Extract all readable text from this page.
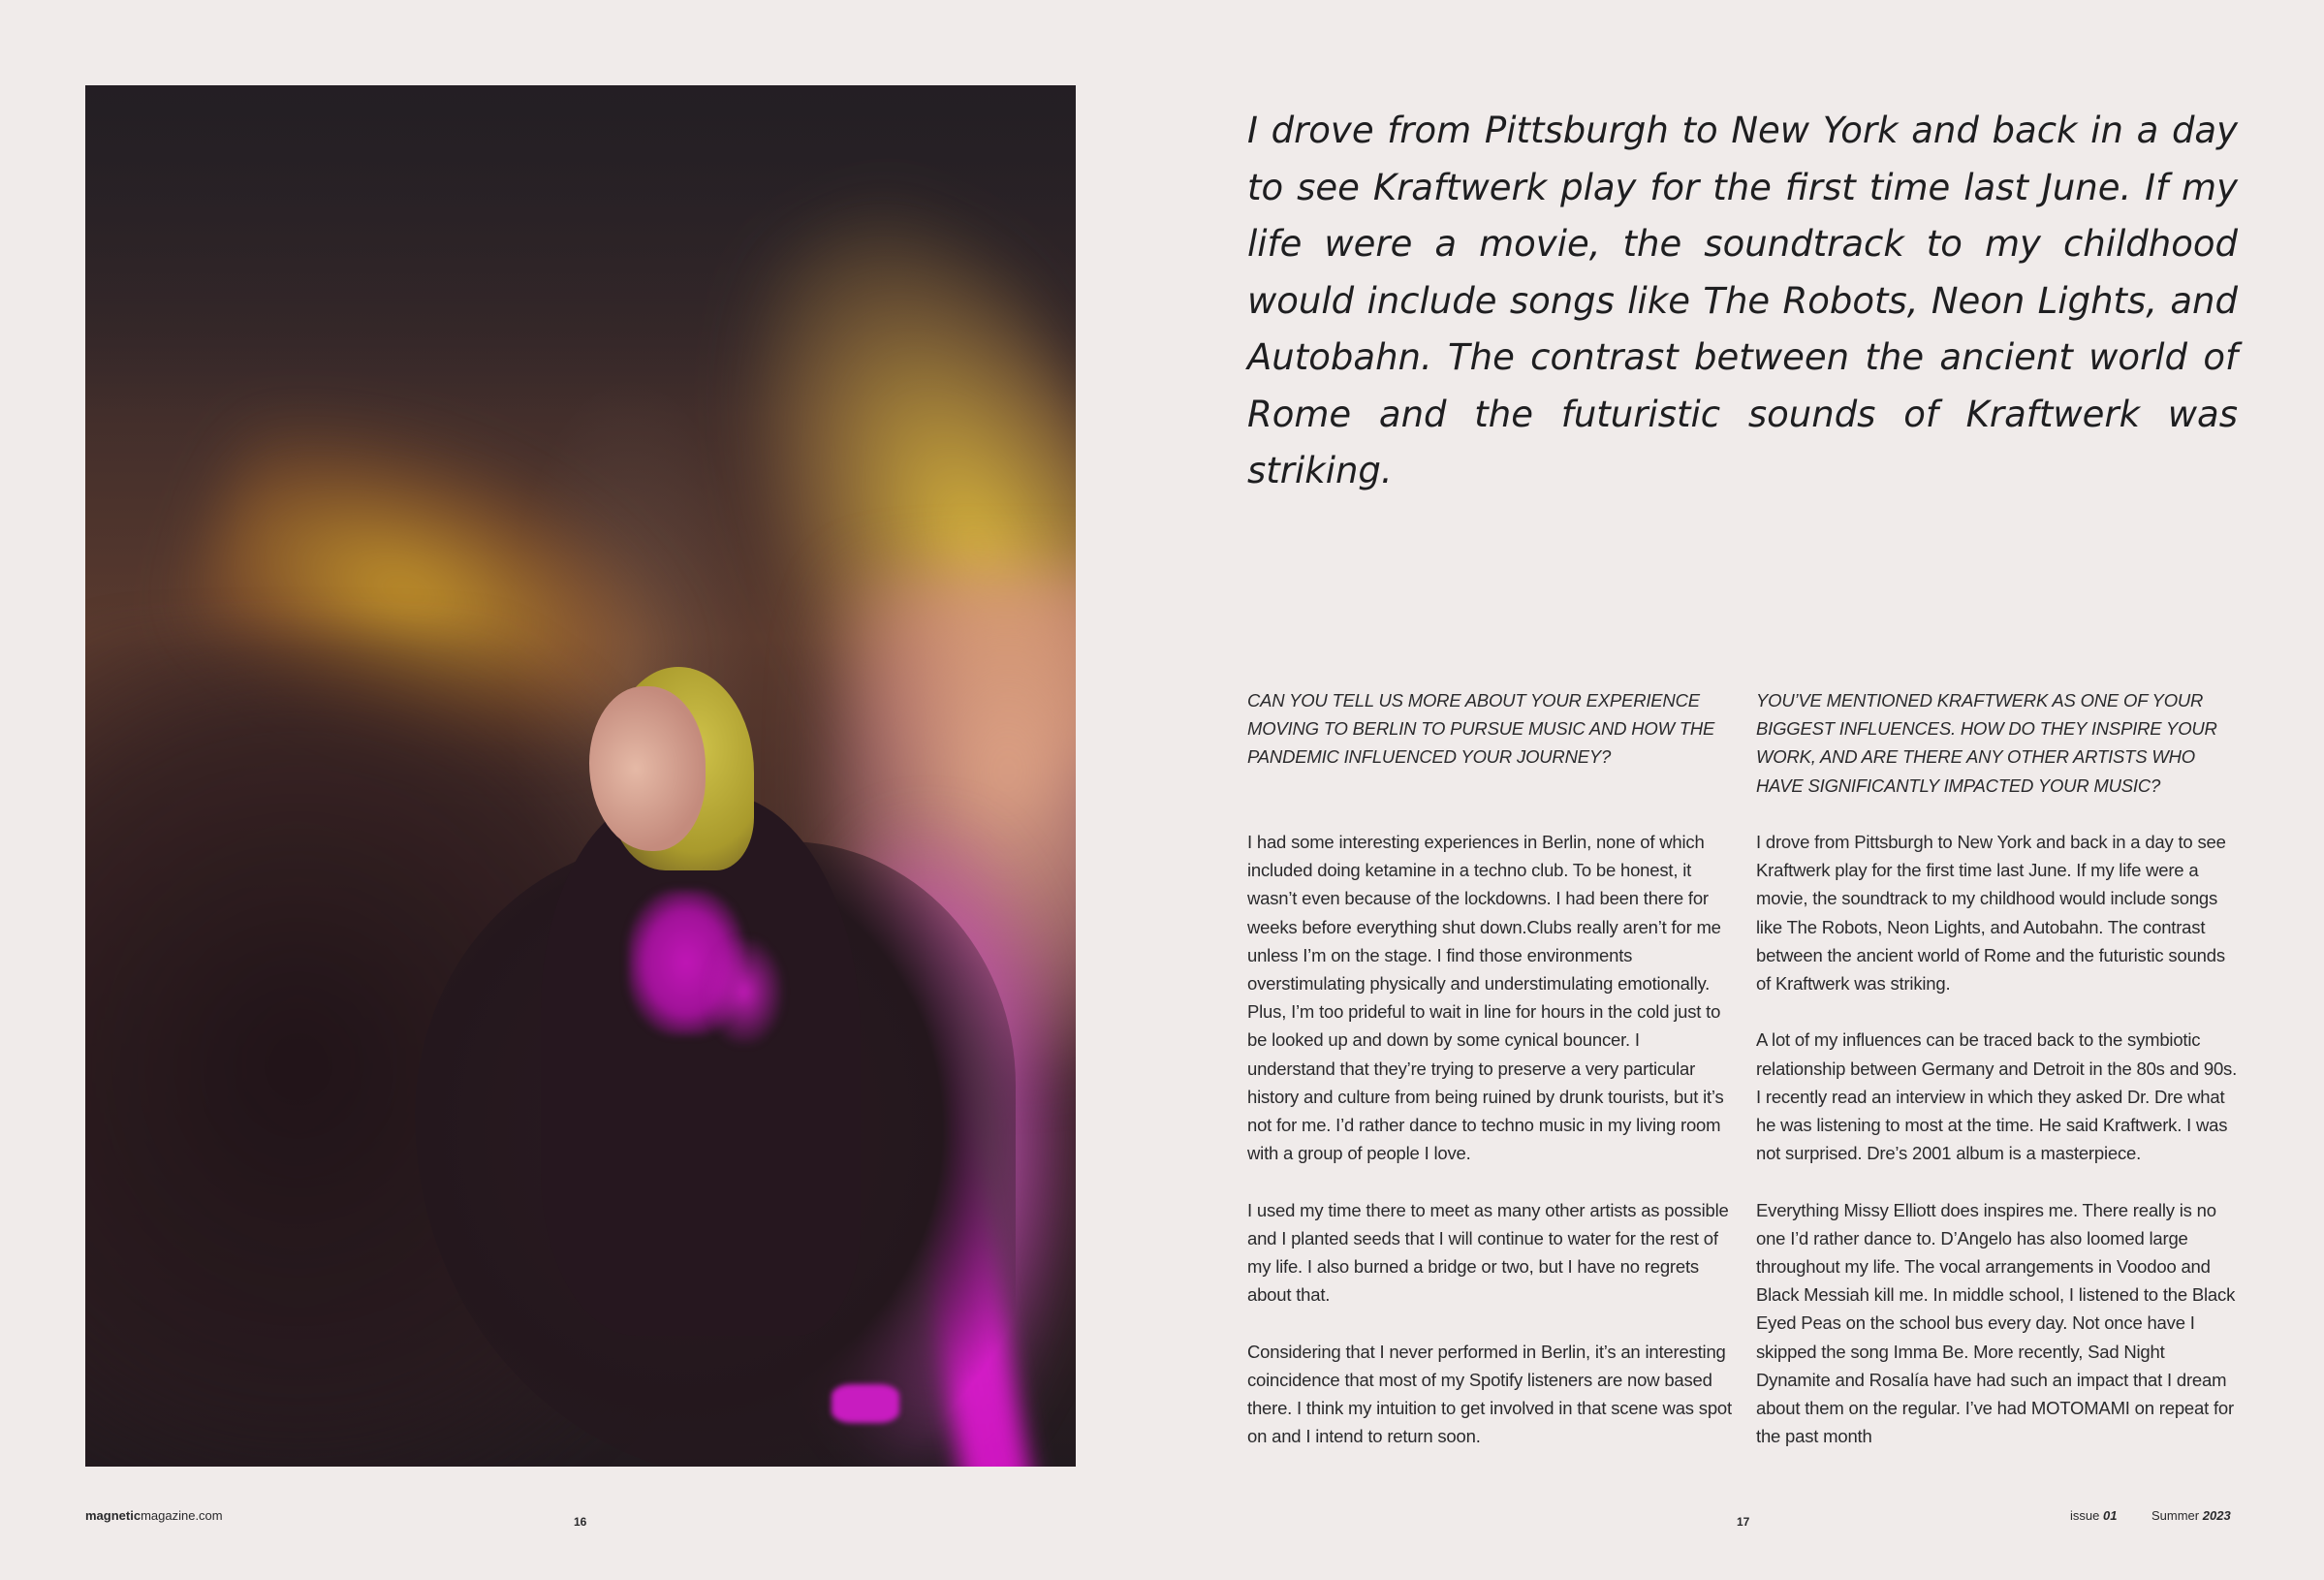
I drove from Pittsburgh to New York and back in a day to see Kraftwerk play for the first time last June. If my life were a movie, the soundtrack to my childhood would include songs like The Robots, Neon Lights, and Autobahn. The contrast between the ancient world of Rome and the futuristic sounds of Kraftwerk was striking.

CAN YOU TELL US MORE ABOUT YOUR EXPERIENCE MOVING TO BERLIN TO PURSUE MUSIC AND HOW THE PANDEMIC INFLUENCED YOUR JOURNEY?

I had some interesting experiences in Berlin, none of which included doing ketamine in a techno club. To be honest, it wasn’t even because of the lockdowns. I had been there for weeks before everything shut down.Clubs really aren’t for me unless I’m on the stage. I find those environments overstimulating physically and understimulating emotionally. Plus, I’m too prideful to wait in line for hours in the cold just to be looked up and down by some cynical bouncer. I understand that they’re trying to preserve a very particular history and culture from being ruined by drunk tourists, but it’s not for me. I’d rather dance to techno music in my living room with a group of people I love.

I used my time there to meet as many other artists as possible and I planted seeds that I will continue to water for the rest of my life. I also burned a bridge or two, but I have no regrets about that.

Considering that I never performed in Berlin, it’s an interesting coincidence that most of my Spotify listeners are now based there. I think my intuition to get involved in that scene was spot on and I intend to return soon.

YOU’VE MENTIONED KRAFTWERK AS ONE OF YOUR BIGGEST INFLUENCES. HOW DO THEY INSPIRE YOUR WORK, AND ARE THERE ANY OTHER ARTISTS WHO HAVE SIGNIFICANTLY IMPACTED YOUR MUSIC?

I drove from Pittsburgh to New York and back in a day to see Kraftwerk play for the first time last June. If my life were a movie, the soundtrack to my childhood would include songs like The Robots, Neon Lights, and Autobahn. The contrast between the ancient world of Rome and the futuristic sounds of Kraftwerk was striking.

A lot of my influences can be traced back to the symbiotic relationship between Germany and Detroit in the 80s and 90s. I recently read an interview in which they asked Dr. Dre what he was listening to most at the time. He said Kraftwerk. I was not surprised. Dre’s 2001 album is a masterpiece.

Everything Missy Elliott does inspires me. There really is no one I’d rather dance to. D’Angelo has also loomed large throughout my life. The vocal arrangements in Voodoo and Black Messiah kill me. In middle school, I listened to the Black Eyed Peas on the school bus every day. Not once have I skipped the song Imma Be. More recently, Sad Night Dynamite and Rosalía have had such an impact that I dream about them on the regular. I’ve had MOTOMAMI on repeat for the past month

magneticmagazine.com	16	17	issue 01	Summer 2023
